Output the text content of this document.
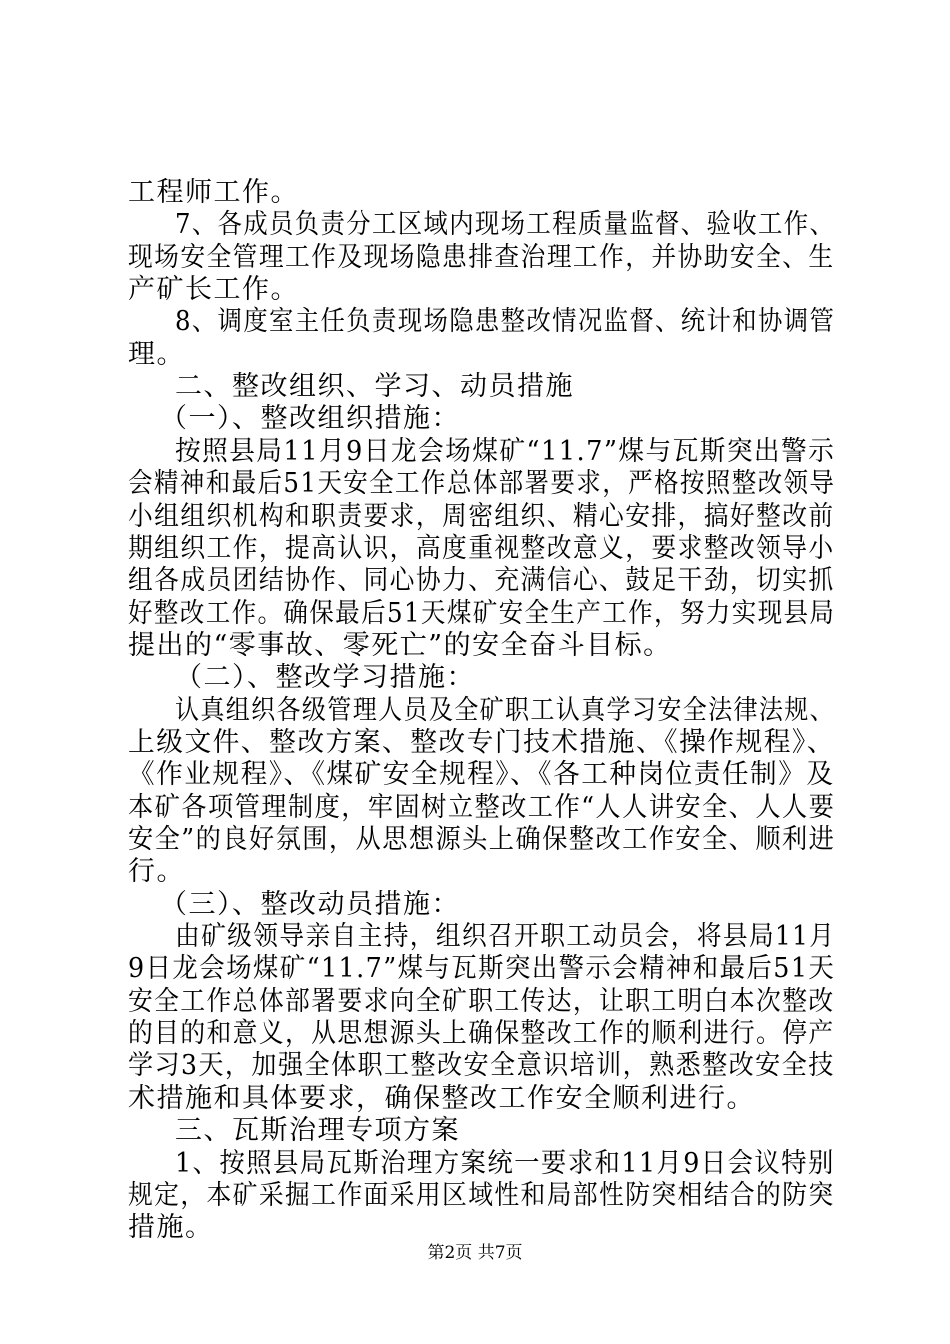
工程师工作。
7、各成员负责分工区域内现场工程质量监督、验收工作、
现场安全管理工作及现场隐患排查治理工作，并协助安全、生
产矿长工作。
8、调度室主任负责现场隐患整改情况监督、统计和协调管
理。
二、整改组织、学习、动员措施
（一）、整改组织措施：
按照县局11月9日龙会场煤矿“11.7”煤与瓦斯突出警示
会精神和最后51天安全工作总体部署要求，严格按照整改领导
小组组织机构和职责要求，周密组织、精心安排，搞好整改前
期组织工作，提高认识，高度重视整改意义，要求整改领导小
组各成员团结协作、同心协力、充满信心、鼓足干劲，切实抓
好整改工作。确保最后51天煤矿安全生产工作，努力实现县局
提出的“零事故、零死亡”的安全奋斗目标。
（二）、整改学习措施：
认真组织各级管理人员及全矿职工认真学习安全法律法规、
上级文件、整改方案、整改专门技术措施、《操作规程》、
《作业规程》、《煤矿安全规程》、《各工种岗位责任制》及
本矿各项管理制度，牢固树立整改工作“人人讲安全、人人要
安全”的良好氛围，从思想源头上确保整改工作安全、顺利进
行。
（三）、整改动员措施：
由矿级领导亲自主持，组织召开职工动员会，将县局11月
9日龙会场煤矿“11.7”煤与瓦斯突出警示会精神和最后51天
安全工作总体部署要求向全矿职工传达，让职工明白本次整改
的目的和意义，从思想源头上确保整改工作的顺利进行。停产
学习3天，加强全体职工整改安全意识培训，熟悉整改安全技
术措施和具体要求，确保整改工作安全顺利进行。
三、瓦斯治理专项方案
1、按照县局瓦斯治理方案统一要求和11月9日会议特别
规定，本矿采掘工作面采用区域性和局部性防突相结合的防突
措施。
第2页 共7页
